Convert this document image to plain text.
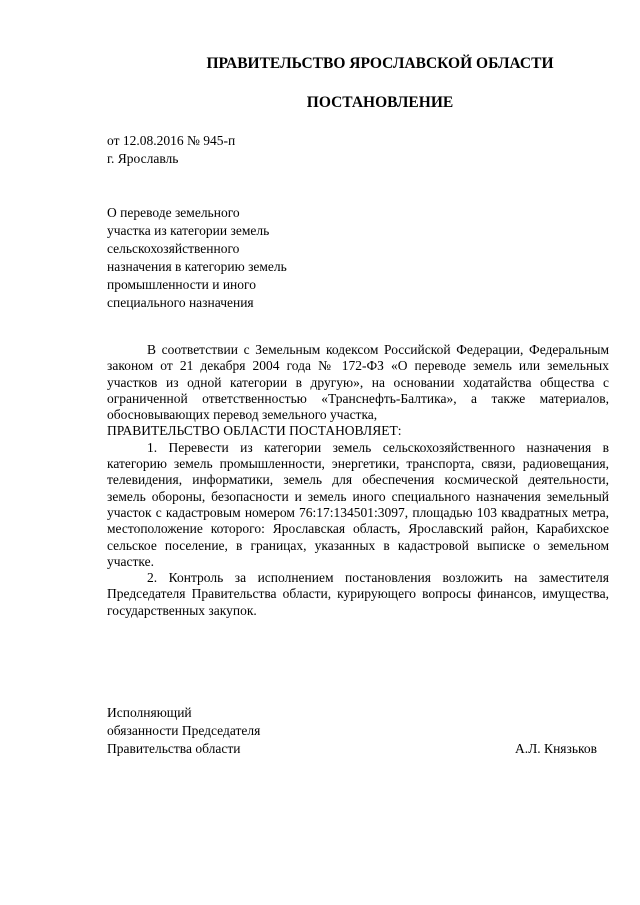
ПРАВИТЕЛЬСТВО ЯРОСЛАВСКОЙ ОБЛАСТИ
ПОСТАНОВЛЕНИЕ
от 12.08.2016 № 945-п
г. Ярославль
О переводе земельного
участка из категории земель
сельскохозяйственного
назначения в категорию земель
промышленности и иного
специального назначения

В соответствии с Земельным кодексом Российской Федерации, Федеральным законом от 21 декабря 2004 года № 172-ФЗ «О переводе земель или земельных участков из одной категории в другую», на основании ходатайства общества с ограниченной ответственностью «Транснефть-Балтика», а также материалов, обосновывающих перевод земельного участка,

ПРАВИТЕЛЬСТВО ОБЛАСТИ ПОСТАНОВЛЯЕТ:

1. Перевести из категории земель сельскохозяйственного назначения в категорию земель промышленности, энергетики, транспорта, связи, радиовещания, телевидения, информатики, земель для обеспечения космической деятельности, земель обороны, безопасности и земель иного специального назначения земельный участок с кадастровым номером 76:17:134501:3097, площадью 103 квадратных метра, местоположение которого: Ярославская область, Ярославский район, Карабихское сельское поселение, в границах, указанных в кадастровой выписке о земельном участке.

2. Контроль за исполнением постановления возложить на заместителя Председателя Правительства области, курирующего вопросы финансов, имущества, государственных закупок.

Исполняющий
обязанности Председателя
Правительства области	А.Л. Князьков
